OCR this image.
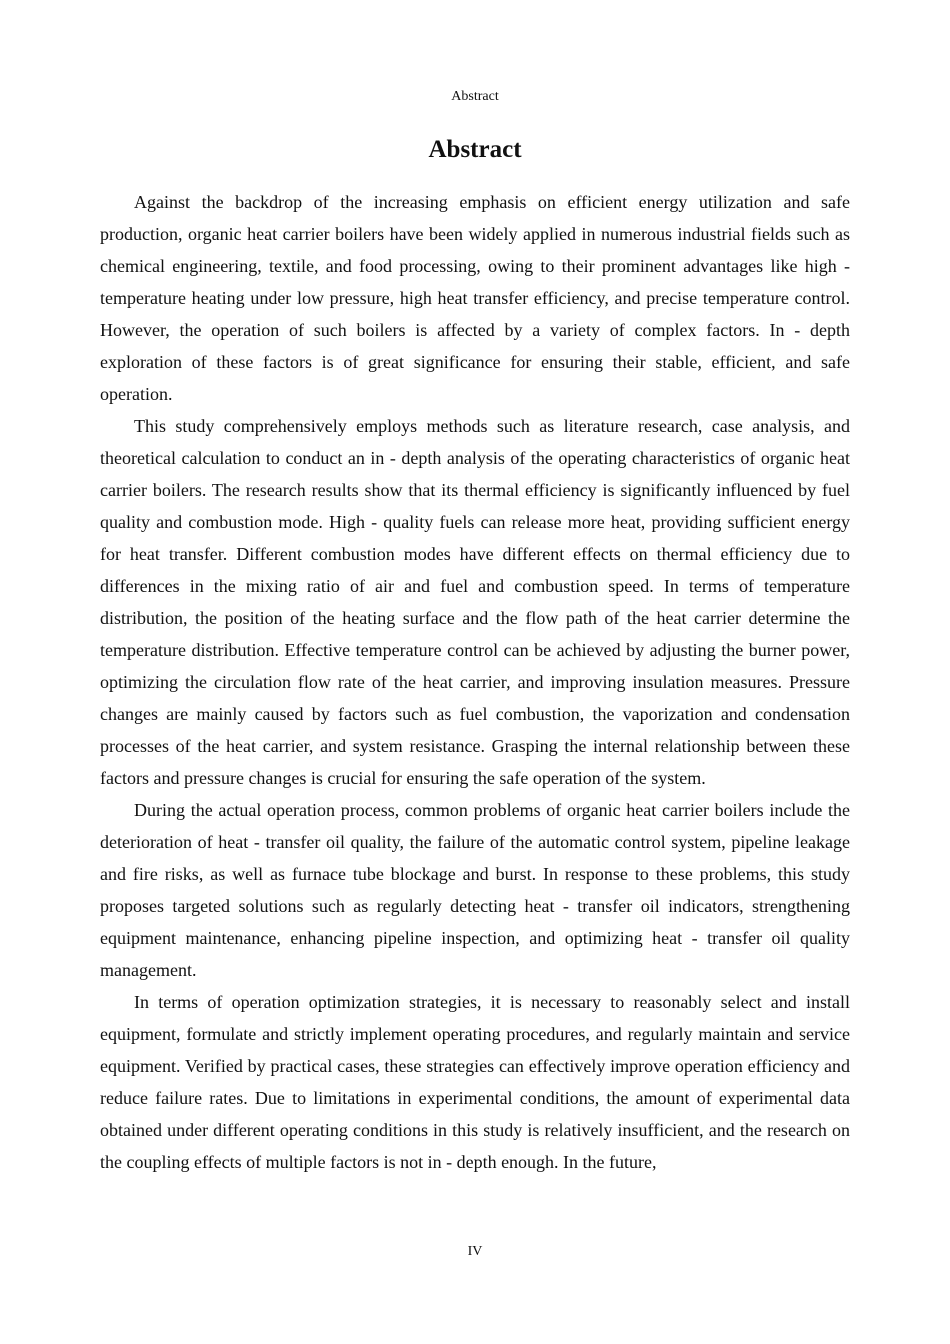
Abstract
Abstract

Against the backdrop of the increasing emphasis on efficient energy utilization and safe production, organic heat carrier boilers have been widely applied in numerous industrial fields such as chemical engineering, textile, and food processing, owing to their prominent advantages like high - temperature heating under low pressure, high heat transfer efficiency, and precise temperature control. However, the operation of such boilers is affected by a variety of complex factors. In - depth exploration of these factors is of great significance for ensuring their stable, efficient, and safe operation.

This study comprehensively employs methods such as literature research, case analysis, and theoretical calculation to conduct an in - depth analysis of the operating characteristics of organic heat carrier boilers. The research results show that its thermal efficiency is significantly influenced by fuel quality and combustion mode. High - quality fuels can release more heat, providing sufficient energy for heat transfer. Different combustion modes have different effects on thermal efficiency due to differences in the mixing ratio of air and fuel and combustion speed. In terms of temperature distribution, the position of the heating surface and the flow path of the heat carrier determine the temperature distribution. Effective temperature control can be achieved by adjusting the burner power, optimizing the circulation flow rate of the heat carrier, and improving insulation measures. Pressure changes are mainly caused by factors such as fuel combustion, the vaporization and condensation processes of the heat carrier, and system resistance. Grasping the internal relationship between these factors and pressure changes is crucial for ensuring the safe operation of the system.

During the actual operation process, common problems of organic heat carrier boilers include the deterioration of heat - transfer oil quality, the failure of the automatic control system, pipeline leakage and fire risks, as well as furnace tube blockage and burst. In response to these problems, this study proposes targeted solutions such as regularly detecting heat - transfer oil indicators, strengthening equipment maintenance, enhancing pipeline inspection, and optimizing heat - transfer oil quality management.

In terms of operation optimization strategies, it is necessary to reasonably select and install equipment, formulate and strictly implement operating procedures, and regularly maintain and service equipment. Verified by practical cases, these strategies can effectively improve operation efficiency and reduce failure rates. Due to limitations in experimental conditions, the amount of experimental data obtained under different operating conditions in this study is relatively insufficient, and the research on the coupling effects of multiple factors is not in - depth enough. In the future,

IV
